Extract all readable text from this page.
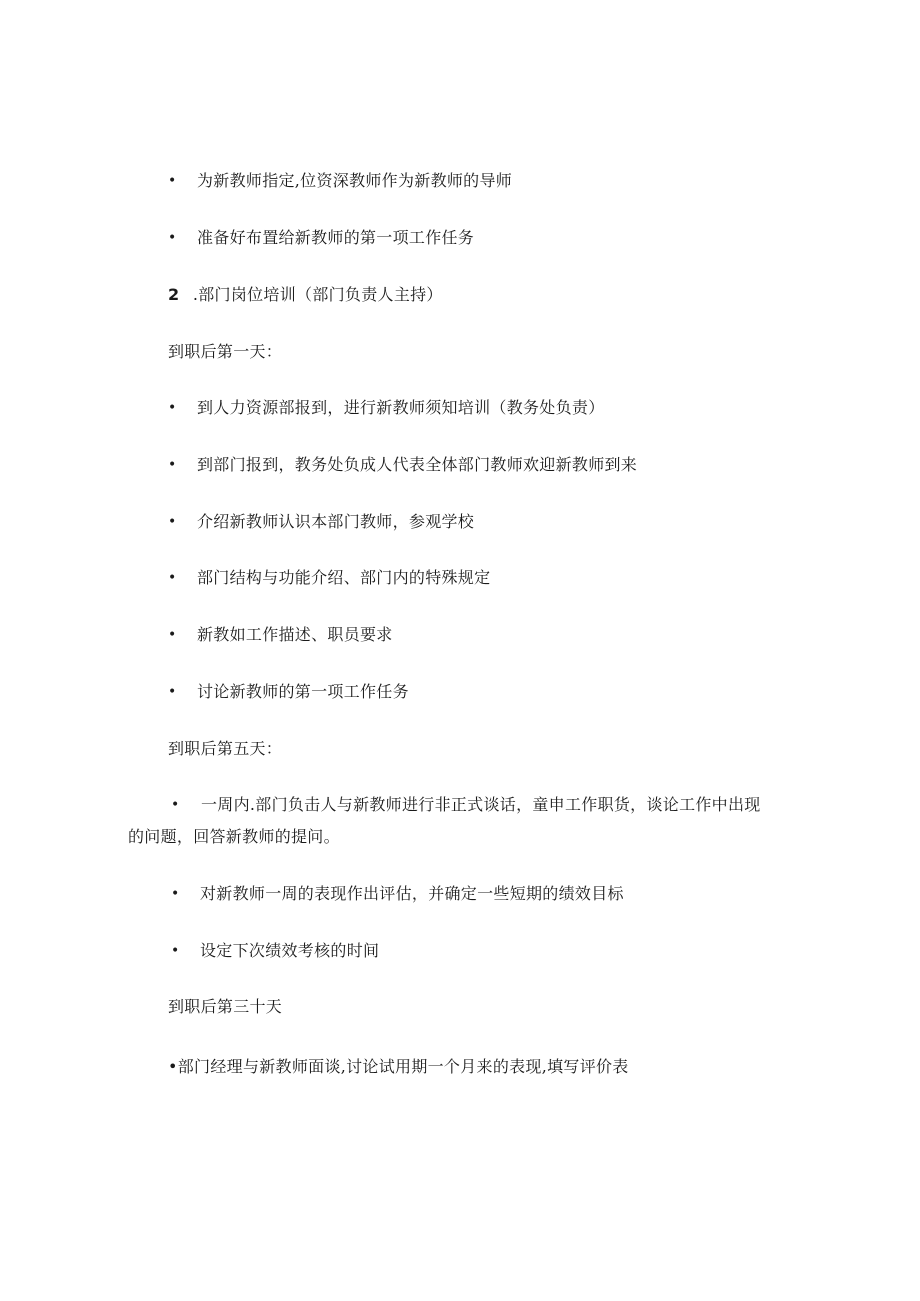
• 为新教师指定,位资深教师作为新教师的导师
• 准备好布置给新教师的第一项工作任务
2 .部门岗位培训（部门负责人主持）
到职后第一天：
• 到人力资源部报到，进行新教师须知培训（教务处负责）
• 到部门报到，教务处负成人代表全体部门教师欢迎新教师到来
• 介绍新教师认识本部门教师，参观学校
• 部门结构与功能介绍、部门内的特殊规定
• 新教如工作描述、职员要求
• 讨论新教师的第一项工作任务
到职后第五天：
• 一周内.部门负击人与新教师进行非正式谈话，童申工作职货，谈论工作中出现
的问题，回答新教师的提问。
• 对新教师一周的表现作出评估，并确定一些短期的绩效目标
• 设定下次绩效考核的时间
到职后第三十天
•部门经理与新教师面谈,讨论试用期一个月来的表现,填写评价表
